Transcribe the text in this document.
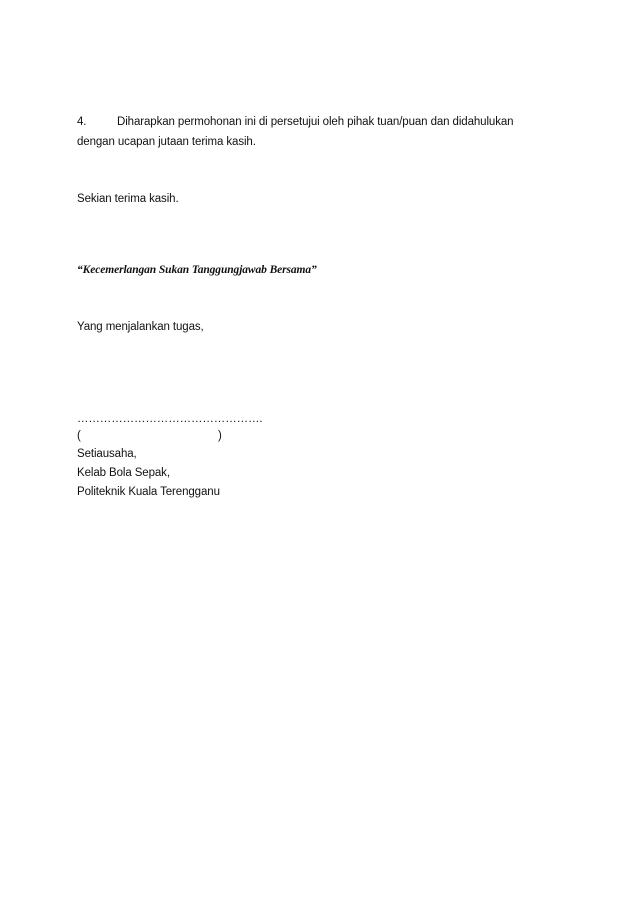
4.	Diharapkan permohonan ini di persetujui oleh pihak tuan/puan dan didahulukan
dengan ucapan jutaan terima kasih.
Sekian terima kasih.
“Kecemerlangan Sukan Tanggungjawab Bersama”
Yang menjalankan tugas,
………………………………………….
(	)
Setiausaha,
Kelab Bola Sepak,
Politeknik Kuala Terengganu
